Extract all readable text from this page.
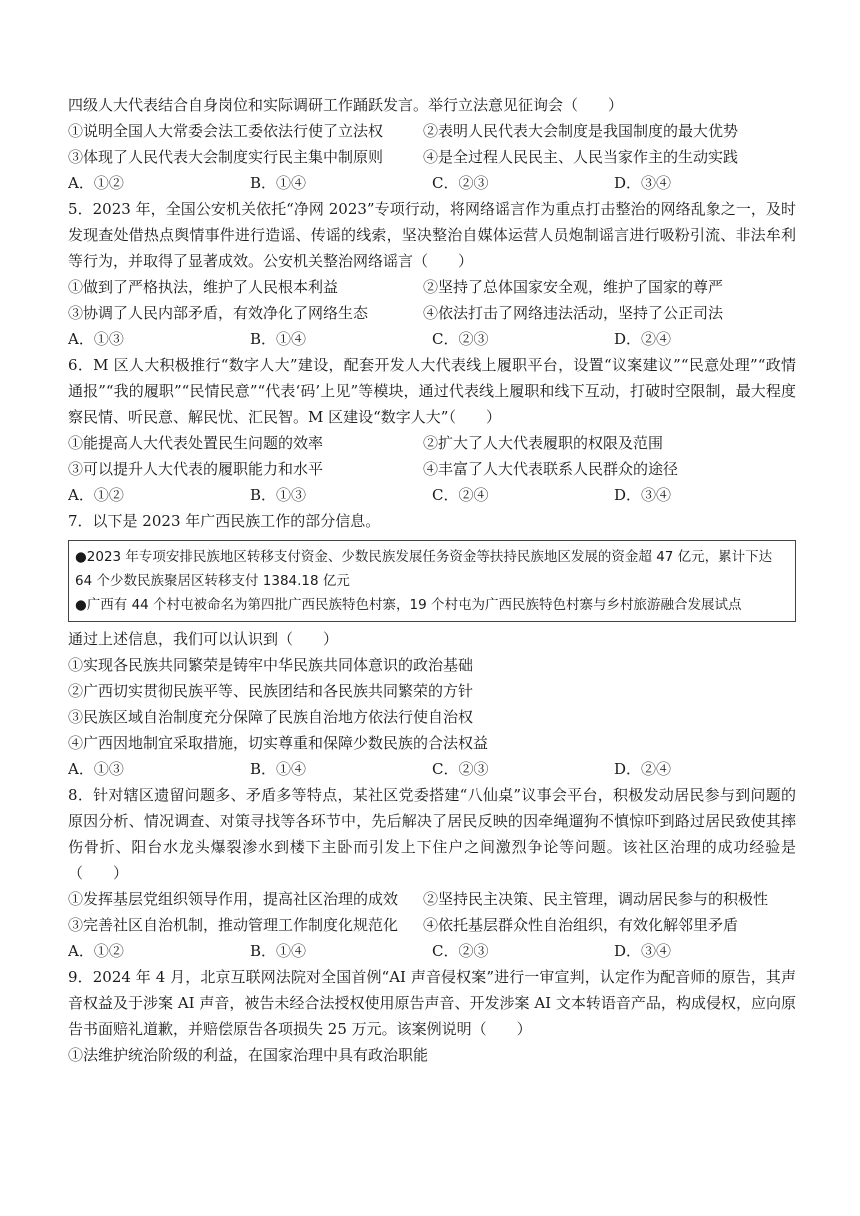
四级人大代表结合自身岗位和实际调研工作踊跃发言。举行立法意见征询会（　　）
①说明全国人大常委会法工委依法行使了立法权	②表明人民代表大会制度是我国制度的最大优势
③体现了人民代表大会制度实行民主集中制原则	④是全过程人民民主、人民当家作主的生动实践
A．①②	B．①④	C．②③	D．③④
5．2023 年，全国公安机关依托“净网 2023”专项行动，将网络谣言作为重点打击整治的网络乱象之一，及时发现查处借热点舆情事件进行造谣、传谣的线索，坚决整治自媒体运营人员炮制谣言进行吸粉引流、非法牟利等行为，并取得了显著成效。公安机关整治网络谣言（　　）
①做到了严格执法，维护了人民根本利益	②坚持了总体国家安全观，维护了国家的尊严
③协调了人民内部矛盾，有效净化了网络生态	④依法打击了网络违法活动，坚持了公正司法
A．①③	B．①④	C．②③	D．②④
6．M 区人大积极推行“数字人大”建设，配套开发人大代表线上履职平台，设置“议案建议”“民意处理”“政情通报”“我的履职”“民情民意”“代表‘码’上见”等模块，通过代表线上履职和线下互动，打破时空限制，最大程度察民情、听民意、解民忧、汇民智。M 区建设“数字人大”（　　）
①能提高人大代表处置民生问题的效率	②扩大了人大代表履职的权限及范围
③可以提升人大代表的履职能力和水平	④丰富了人大代表联系人民群众的途径
A．①②	B．①③	C．②④	D．③④
7．以下是 2023 年广西民族工作的部分信息。
●2023 年专项安排民族地区转移支付资金、少数民族发展任务资金等扶持民族地区发展的资金超 47 亿元，累计下达 64 个少数民族聚居区转移支付 1384.18 亿元
●广西有 44 个村屯被命名为第四批广西民族特色村寨，19 个村屯为广西民族特色村寨与乡村旅游融合发展试点
通过上述信息，我们可以认识到（　　）
①实现各民族共同繁荣是铸牢中华民族共同体意识的政治基础
②广西切实贯彻民族平等、民族团结和各民族共同繁荣的方针
③民族区域自治制度充分保障了民族自治地方依法行使自治权
④广西因地制宜采取措施，切实尊重和保障少数民族的合法权益
A．①③	B．①④	C．②③	D．②④
8．针对辖区遗留问题多、矛盾多等特点，某社区党委搭建“八仙桌”议事会平台，积极发动居民参与到问题的原因分析、情况调查、对策寻找等各环节中，先后解决了居民反映的因牵绳遛狗不慎惊吓到路过居民致使其摔伤骨折、阳台水龙头爆裂渗水到楼下主卧而引发上下住户之间激烈争论等问题。该社区治理的成功经验是（　　）
①发挥基层党组织领导作用，提高社区治理的成效	②坚持民主决策、民主管理，调动居民参与的积极性
③完善社区自治机制，推动管理工作制度化规范化	④依托基层群众性自治组织，有效化解邻里矛盾
A．①②	B．①④	C．②③	D．③④
9．2024 年 4 月，北京互联网法院对全国首例“AI 声音侵权案”进行一审宣判，认定作为配音师的原告，其声音权益及于涉案 AI 声音，被告未经合法授权使用原告声音、开发涉案 AI 文本转语音产品，构成侵权，应向原告书面赔礼道歉，并赔偿原告各项损失 25 万元。该案例说明（　　）
①法维护统治阶级的利益，在国家治理中具有政治职能
